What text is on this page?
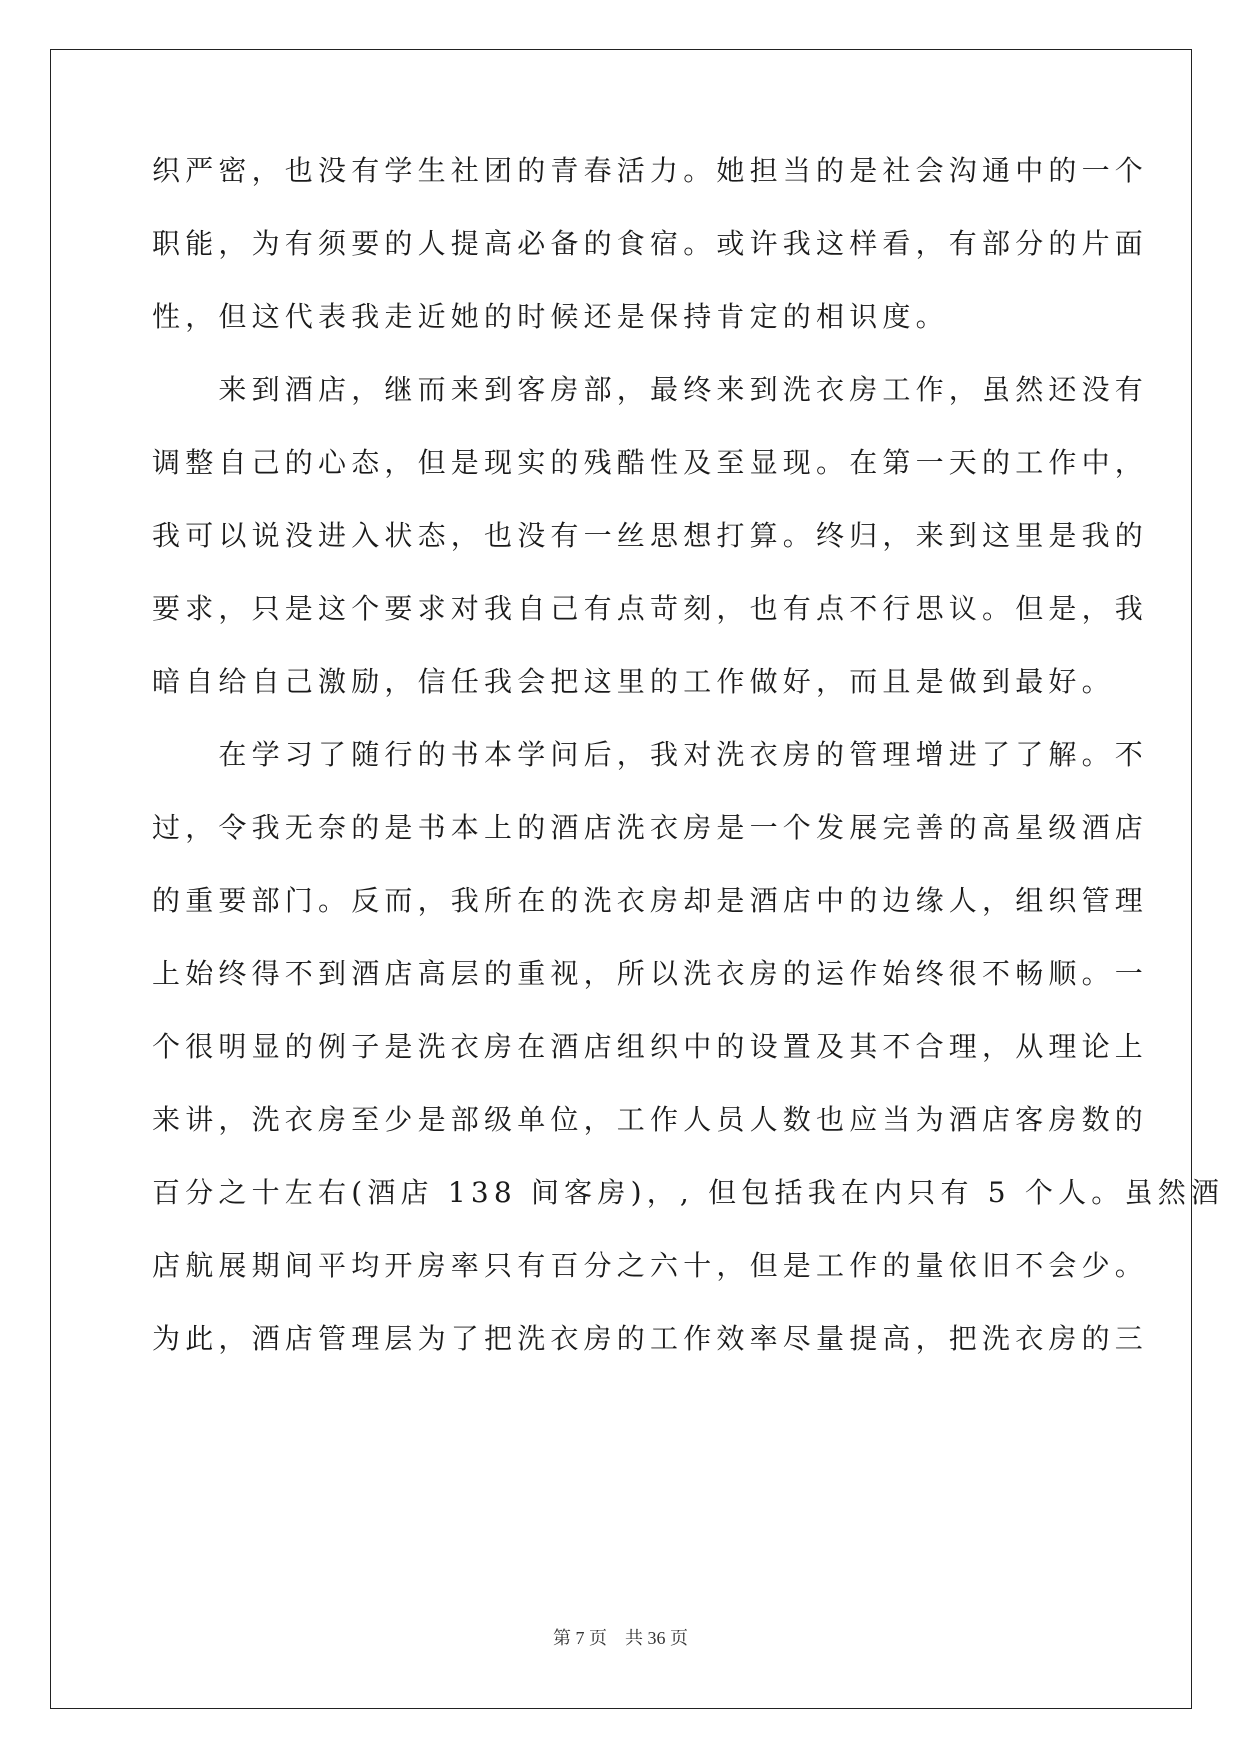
织严密，也没有学生社团的青春活力。她担当的是社会沟通中的一个
职能，为有须要的人提高必备的食宿。或许我这样看，有部分的片面
性，但这代表我走近她的时候还是保持肯定的相识度。
　　来到酒店，继而来到客房部，最终来到洗衣房工作，虽然还没有
调整自己的心态，但是现实的残酷性及至显现。在第一天的工作中，
我可以说没进入状态，也没有一丝思想打算。终归，来到这里是我的
要求，只是这个要求对我自己有点苛刻，也有点不行思议。但是，我
暗自给自己激励，信任我会把这里的工作做好，而且是做到最好。
　　在学习了随行的书本学问后，我对洗衣房的管理增进了了解。不
过，令我无奈的是书本上的酒店洗衣房是一个发展完善的高星级酒店
的重要部门。反而，我所在的洗衣房却是酒店中的边缘人，组织管理
上始终得不到酒店高层的重视，所以洗衣房的运作始终很不畅顺。一
个很明显的例子是洗衣房在酒店组织中的设置及其不合理，从理论上
来讲，洗衣房至少是部级单位，工作人员人数也应当为酒店客房数的
百分之十左右(酒店 138 间客房)，, 但包括我在内只有 5 个人。虽然酒
店航展期间平均开房率只有百分之六十，但是工作的量依旧不会少。
为此，酒店管理层为了把洗衣房的工作效率尽量提高，把洗衣房的三
第 7 页 共 36 页
